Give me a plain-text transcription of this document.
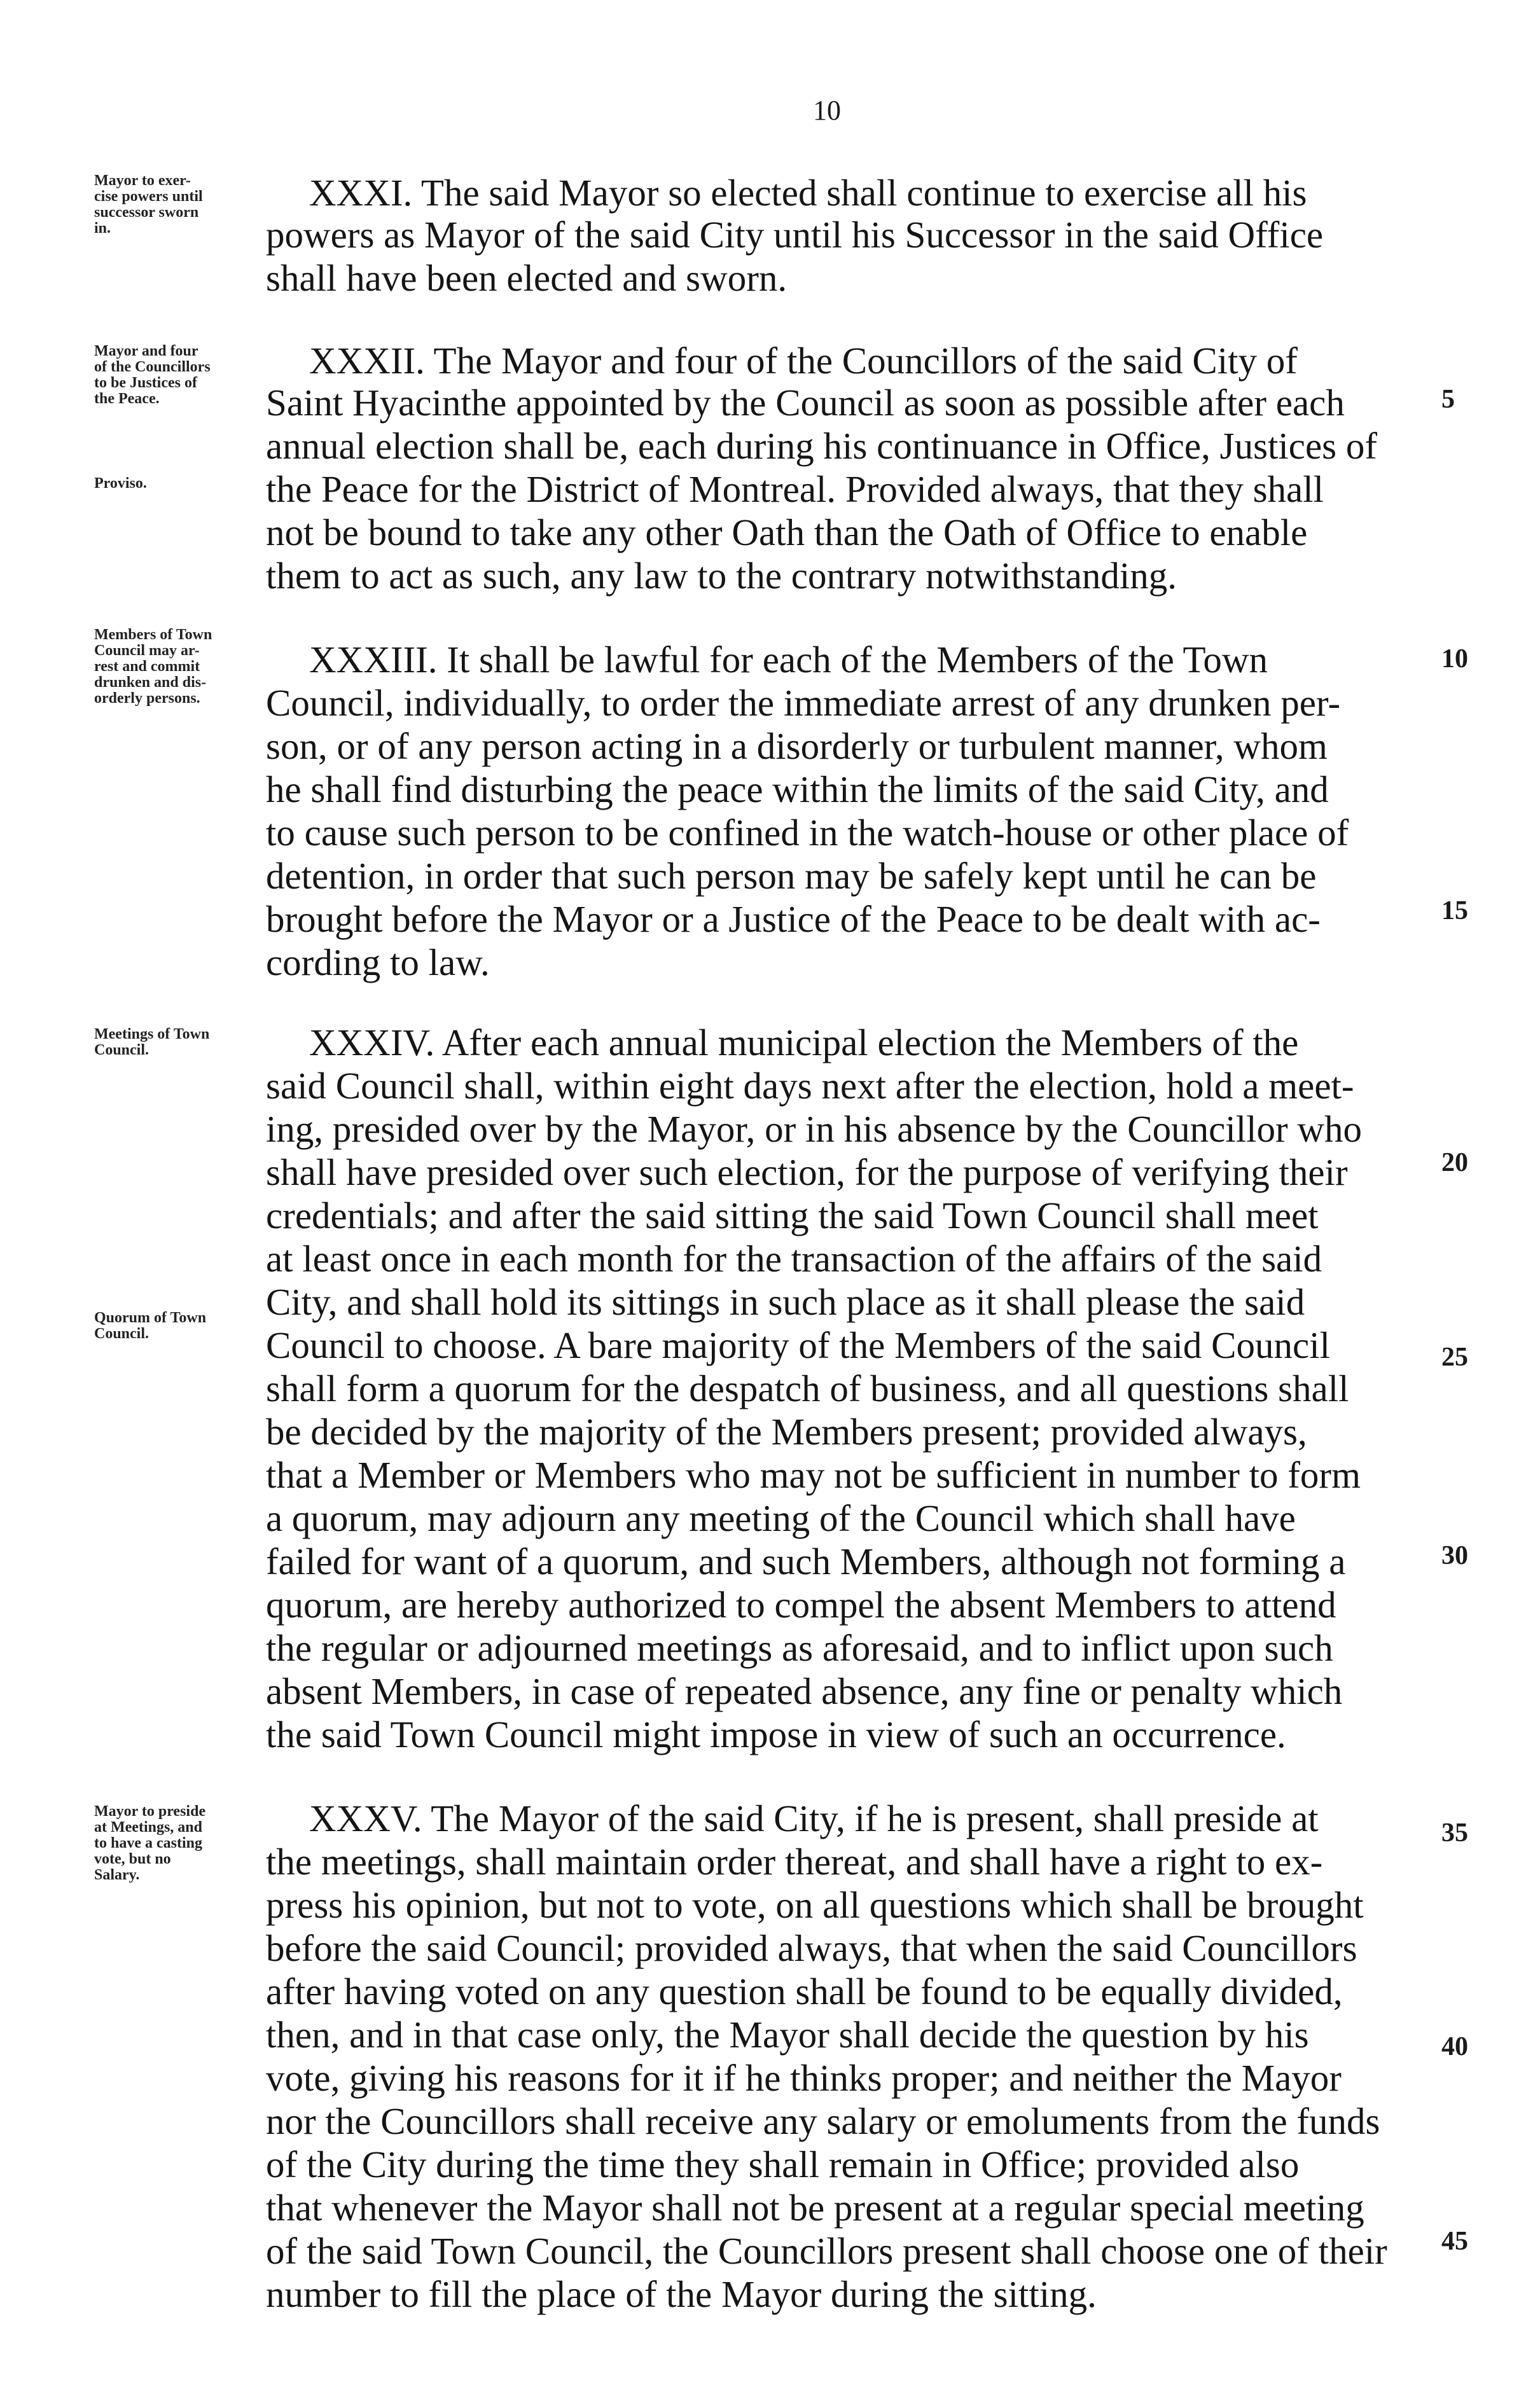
10
XXXI. The said Mayor so elected shall continue to exercise all his
powers as Mayor of the said City until his Successor in the said Office
shall have been elected and sworn.
XXXII. The Mayor and four of the Councillors of the said City of
Saint Hyacinthe appointed by the Council as soon as possible after each
annual election shall be, each during his continuance in Office, Justices of
the Peace for the District of Montreal. Provided always, that they shall
not be bound to take any other Oath than the Oath of Office to enable
them to act as such, any law to the contrary notwithstanding.
XXXIII. It shall be lawful for each of the Members of the Town
Council, individually, to order the immediate arrest of any drunken per-
son, or of any person acting in a disorderly or turbulent manner, whom
he shall find disturbing the peace within the limits of the said City, and
to cause such person to be confined in the watch-house or other place of
detention, in order that such person may be safely kept until he can be
brought before the Mayor or a Justice of the Peace to be dealt with ac-
cording to law.
XXXIV. After each annual municipal election the Members of the
said Council shall, within eight days next after the election, hold a meet-
ing, presided over by the Mayor, or in his absence by the Councillor who
shall have presided over such election, for the purpose of verifying their
credentials; and after the said sitting the said Town Council shall meet
at least once in each month for the transaction of the affairs of the said
City, and shall hold its sittings in such place as it shall please the said
Council to choose. A bare majority of the Members of the said Council
shall form a quorum for the despatch of business, and all questions shall
be decided by the majority of the Members present; provided always,
that a Member or Members who may not be sufficient in number to form
a quorum, may adjourn any meeting of the Council which shall have
failed for want of a quorum, and such Members, although not forming a
quorum, are hereby authorized to compel the absent Members to attend
the regular or adjourned meetings as aforesaid, and to inflict upon such
absent Members, in case of repeated absence, any fine or penalty which
the said Town Council might impose in view of such an occurrence.
XXXV. The Mayor of the said City, if he is present, shall preside at
the meetings, shall maintain order thereat, and shall have a right to ex-
press his opinion, but not to vote, on all questions which shall be brought
before the said Council; provided always, that when the said Councillors
after having voted on any question shall be found to be equally divided,
then, and in that case only, the Mayor shall decide the question by his
vote, giving his reasons for it if he thinks proper; and neither the Mayor
nor the Councillors shall receive any salary or emoluments from the funds
of the City during the time they shall remain in Office; provided also
that whenever the Mayor shall not be present at a regular special meeting
of the said Town Council, the Councillors present shall choose one of their
number to fill the place of the Mayor during the sitting.
Mayor to exer-
cise powers until
successor sworn
in.
Mayor and four
of the Councillors
to be Justices of
the Peace.
Proviso.
Members of Town
Council may ar-
rest and commit
drunken and dis-
orderly persons.
Meetings of Town
Council.
Quorum of Town
Council.
Mayor to preside
at Meetings, and
to have a casting
vote, but no
Salary.
5
10
15
20
25
30
35
40
45
